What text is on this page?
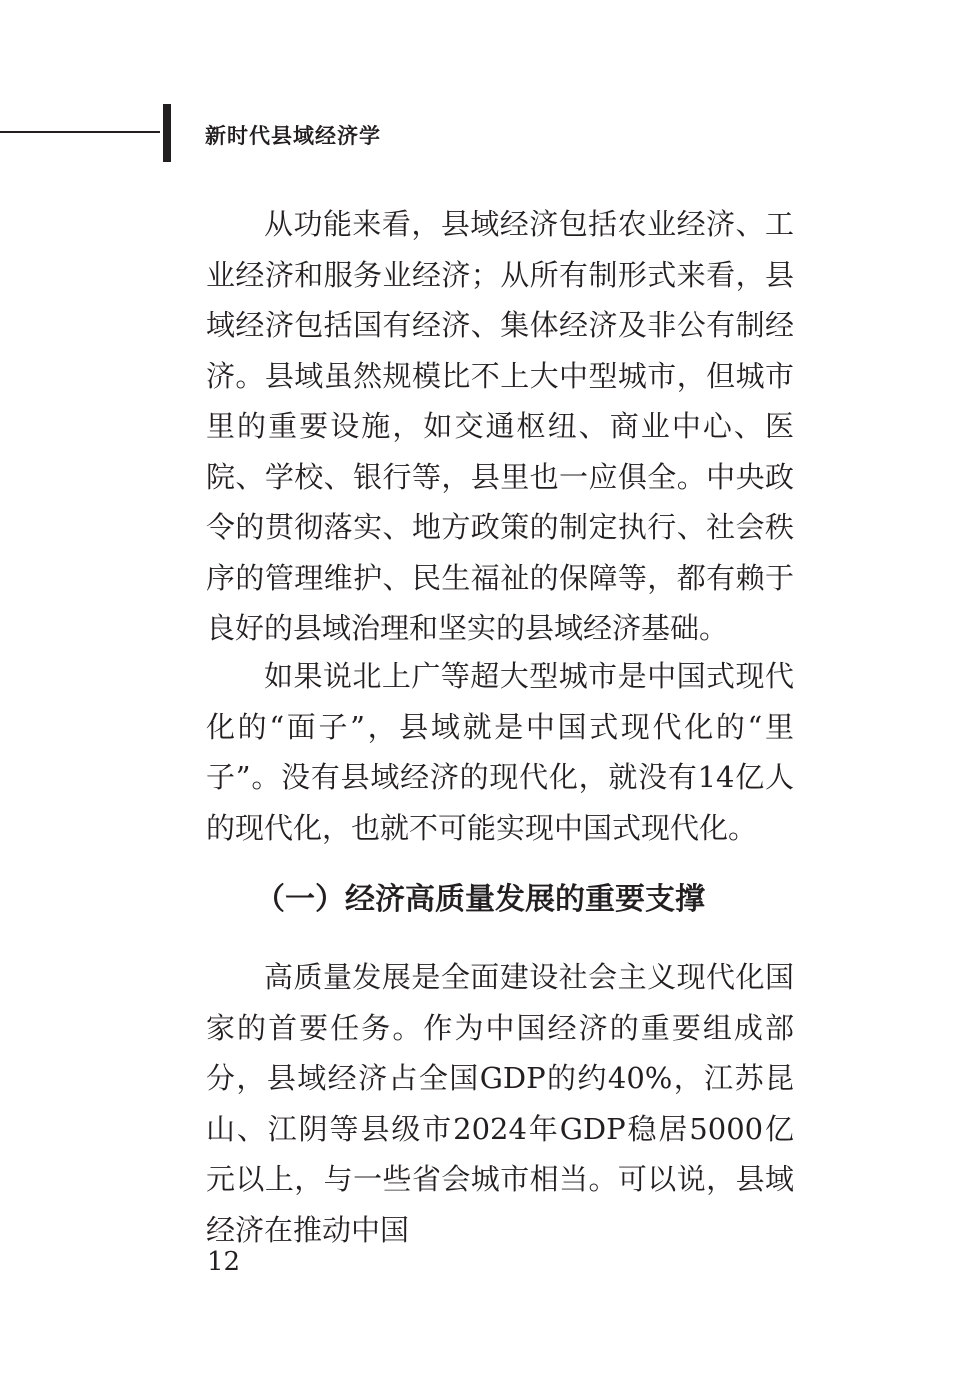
新时代县域经济学

从功能来看，县域经济包括农业经济、工业经济和服务业经济；从所有制形式来看，县域经济包括国有经济、集体经济及非公有制经济。县域虽然规模比不上大中型城市，但城市里的重要设施，如交通枢纽、商业中心、医院、学校、银行等，县里也一应俱全。中央政令的贯彻落实、地方政策的制定执行、社会秩序的管理维护、民生福祉的保障等，都有赖于良好的县域治理和坚实的县域经济基础。

如果说北上广等超大型城市是中国式现代化的“面子”，县域就是中国式现代化的“里子”。没有县域经济的现代化，就没有14亿人的现代化，也就不可能实现中国式现代化。

（一）经济高质量发展的重要支撑

高质量发展是全面建设社会主义现代化国家的首要任务。作为中国经济的重要组成部分，县域经济占全国GDP的约40%，江苏昆山、江阴等县级市2024年GDP稳居5000亿元以上，与一些省会城市相当。可以说，县域经济在推动中国

12
